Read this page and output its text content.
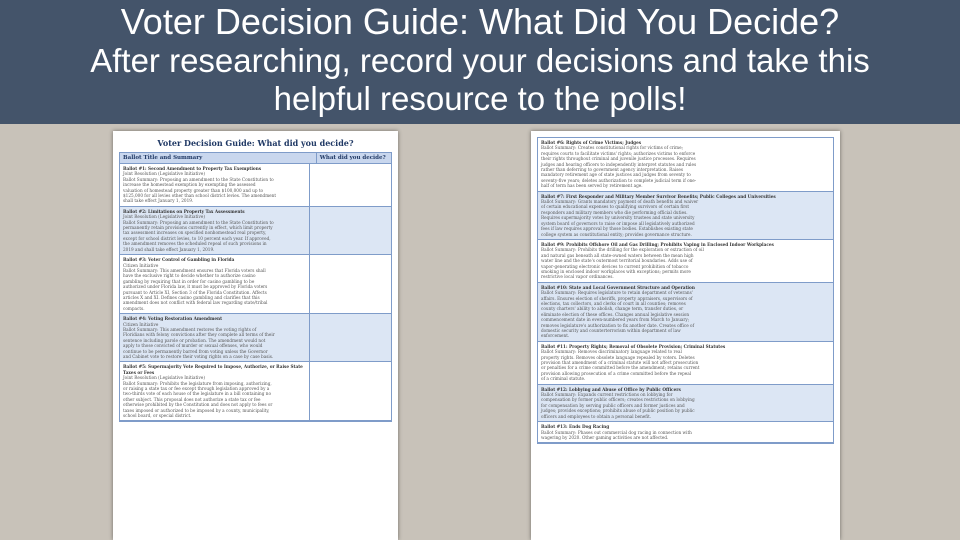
Voter Decision Guide: What Did You Decide?
After researching, record your decisions and take this
helpful resource to the polls!
Voter Decision Guide: What did you decide?
Ballot Title and Summary	What did you decide?

Ballot #1: Second Amendment to Property Tax Exemptions

Joint Resolution (Legislative Initiative)

Ballot Summary: Proposing an amendment to the State Constitution to

increase the homestead exemption by exempting the assessed

valuation of homestead property greater than $100,000 and up to

$125,000 for all levies other than school district levies. The amendment

shall take effect January 1, 2019.

Ballot #2: Limitations on Property Tax Assessments

Joint Resolution (Legislative Initiative)

Ballot Summary: Proposing an amendment to the State Constitution to

permanently retain provisions currently in effect, which limit property

tax assessment increases on specified nonhomestead real property,

except for school district levies, to 10 percent each year. If approved,

the amendment removes the scheduled repeal of such provisions in

2019 and shall take effect January 1, 2019.

Ballot #3: Voter Control of Gambling in Florida

Citizen Initiative

Ballot Summary: This amendment ensures that Florida voters shall

have the exclusive right to decide whether to authorize casino

gambling by requiring that in order for casino gambling to be

authorized under Florida law, it must be approved by Florida voters

pursuant to Article XI, Section 3 of the Florida Constitution. Affects

articles X and XI. Defines casino gambling and clarifies that this

amendment does not conflict with federal law regarding state/tribal

compacts.

Ballot #4: Voting Restoration Amendment

Citizen Initiative

Ballot Summary: This amendment restores the voting rights of

Floridians with felony convictions after they complete all terms of their

sentence including parole or probation. The amendment would not

apply to those convicted of murder or sexual offenses, who would

continue to be permanently barred from voting unless the Governor

and Cabinet vote to restore their voting rights on a case by case basis.

Ballot #5: Supermajority Vote Required to Impose, Authorize, or Raise State Taxes or Fees

Joint Resolution (Legislative Initiative)

Ballot Summary: Prohibits the legislature from imposing, authorizing,

or raising a state tax or fee except through legislation approved by a

two-thirds vote of each house of the legislature in a bill containing no

other subject. This proposal does not authorize a state tax or fee

otherwise prohibited by the Constitution and does not apply to fees or

taxes imposed or authorized to be imposed by a county, municipality,

school board, or special district.

Ballot #6: Rights of Crime Victims; Judges

Ballot Summary: Creates constitutional rights for victims of crime;

requires courts to facilitate victims' rights; authorizes victims to enforce

their rights throughout criminal and juvenile justice processes. Requires

judges and hearing officers to independently interpret statutes and rules

rather than deferring to government agency interpretation. Raises

mandatory retirement age of state justices and judges from seventy to

seventy-five years; deletes authorization to complete judicial term if one-

half of term has been served by retirement age.

Ballot #7: First Responder and Military Member Survivor Benefits; Public Colleges and Universities

Ballot Summary: Grants mandatory payment of death benefits and waiver

of certain educational expenses to qualifying survivors of certain first

responders and military members who die performing official duties.

Requires supermajority votes by university trustees and state university

system board of governors to raise or impose all legislatively authorized

fees if law requires approval by those bodies. Establishes existing state

college system as constitutional entity; provides governance structure.

Ballot #9: Prohibits Offshore Oil and Gas Drilling; Prohibits Vaping in Enclosed Indoor Workplaces

Ballot Summary: Prohibits the drilling for the exploration or extraction of oil

and natural gas beneath all state-owned waters between the mean high

water line and the state's outermost territorial boundaries. Adds use of

vapor-generating electronic devices to current prohibition of tobacco

smoking in enclosed indoor workplaces with exceptions; permits more

restrictive local vapor ordinances.

Ballot #10: State and Local Government Structure and Operation

Ballot Summary: Requires legislature to retain department of veterans'

affairs. Ensures election of sheriffs, property appraisers, supervisors of

elections, tax collectors, and clerks of court in all counties; removes

county charters' ability to abolish, change term, transfer duties, or

eliminate election of these offices. Changes annual legislative session

commencement date in even-numbered years from March to January;

removes legislature's authorization to fix another date. Creates office of

domestic security and counterterrorism within department of law

enforcement.

Ballot #11: Property Rights; Removal of Obsolete Provision; Criminal Statutes

Ballot Summary: Removes discriminatory language related to real

property rights. Removes obsolete language repealed by voters. Deletes

provision that amendment of a criminal statute will not affect prosecution

or penalties for a crime committed before the amendment; retains current

provision allowing prosecution of a crime committed before the repeal

of a criminal statute.

Ballot #12: Lobbying and Abuse of Office by Public Officers

Ballot Summary: Expands current restrictions on lobbying for

compensation by former public officers; creates restrictions on lobbying

for compensation by serving public officers and former justices and

judges; provides exceptions; prohibits abuse of public position by public

officers and employees to obtain a personal benefit.

Ballot #13: Ends Dog Racing

Ballot Summary: Phases out commercial dog racing in connection with

wagering by 2020. Other gaming activities are not affected.
